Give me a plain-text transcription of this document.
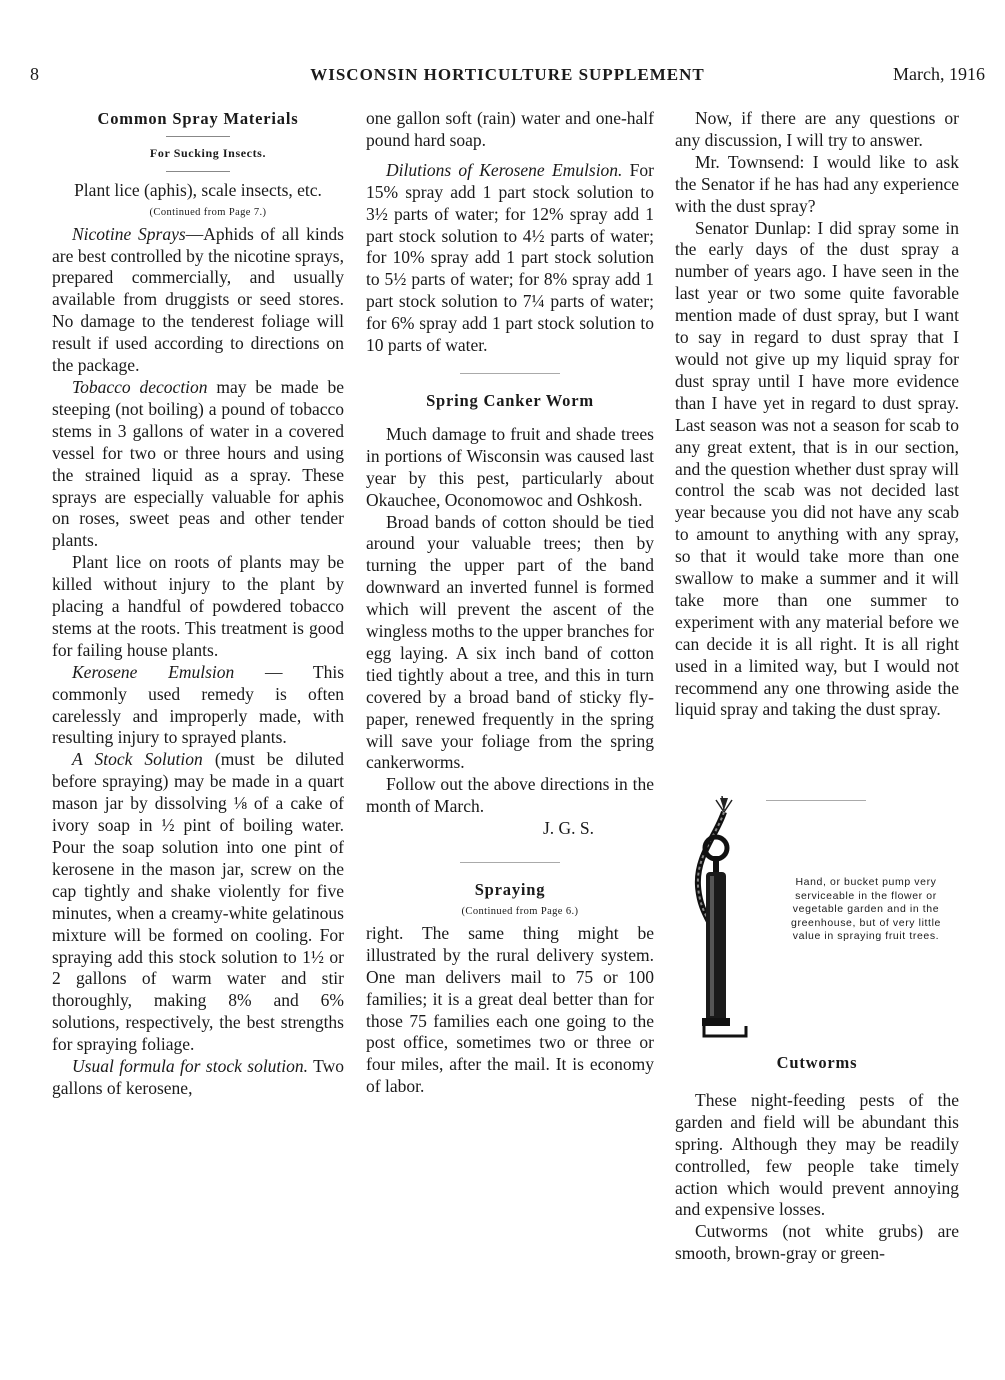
8	WISCONSIN HORTICULTURE SUPPLEMENT	March, 1916

Common Spray Materials

For Sucking Insects.

Plant lice (aphis), scale insects, etc.

(Continued from Page 7.)

Nicotine Sprays—Aphids of all kinds are best controlled by the nicotine sprays, prepared commercially, and usually available from druggists or seed stores. No damage to the tenderest foliage will result if used according to directions on the package.

Tobacco decoction may be made be steeping (not boiling) a pound of tobacco stems in 3 gallons of water in a covered vessel for two or three hours and using the strained liquid as a spray. These sprays are especially valuable for aphis on roses, sweet peas and other tender plants.

Plant lice on roots of plants may be killed without injury to the plant by placing a handful of powdered tobacco stems at the roots. This treatment is good for failing house plants.

Kerosene Emulsion — This commonly used remedy is often carelessly and improperly made, with resulting injury to sprayed plants.

A Stock Solution (must be diluted before spraying) may be made in a quart mason jar by dissolving ⅛ of a cake of ivory soap in ½ pint of boiling water. Pour the soap solution into one pint of kerosene in the mason jar, screw on the cap tightly and shake violently for five minutes, when a creamy-white gelatinous mixture will be formed on cooling. For spraying add this stock solution to 1½ or 2 gallons of warm water and stir thoroughly, making 8% and 6% solutions, respectively, the best strengths for spraying foliage.

Usual formula for stock solution. Two gallons of kerosene,

one gallon soft (rain) water and one-half pound hard soap.

Dilutions of Kerosene Emulsion. For 15% spray add 1 part stock solution to 3½ parts of water; for 12% spray add 1 part stock solution to 4½ parts of water; for 10% spray add 1 part stock solution to 5½ parts of water; for 8% spray add 1 part stock solution to 7¼ parts of water; for 6% spray add 1 part stock solution to 10 parts of water.

Spring Canker Worm

Much damage to fruit and shade trees in portions of Wisconsin was caused last year by this pest, particularly about Okauchee, Oconomowoc and Oshkosh.

Broad bands of cotton should be tied around your valuable trees; then by turning the upper part of the band downward an inverted funnel is formed which will prevent the ascent of the wingless moths to the upper branches for egg laying. A six inch band of cotton tied tightly about a tree, and this in turn covered by a broad band of sticky fly-paper, renewed frequently in the spring will save your foliage from the spring cankerworms.

Follow out the above directions in the month of March.

J. G. S.

Spraying

(Continued from Page 6.)

right. The same thing might be illustrated by the rural delivery system. One man delivers mail to 75 or 100 families; it is a great deal better than for those 75 families each one going to the post office, sometimes two or three or four miles, after the mail. It is economy of labor.

Now, if there are any questions or any discussion, I will try to answer.

Mr. Townsend: I would like to ask the Senator if he has had any experience with the dust spray?

Senator Dunlap: I did spray some in the early days of the dust spray a number of years ago. I have seen in the last year or two some quite favorable mention made of dust spray, but I want to say in regard to dust spray that I would not give up my liquid spray for dust spray until I have more evidence than I have yet in regard to dust spray. Last season was not a season for scab to any great extent, that is in our section, and the question whether dust spray will control the scab was not decided last year because you did not have any scab to amount to anything with any spray, so that it would take more than one swallow to make a summer and it will take more than one summer to experiment with any material before we can decide it is all right. It is all right used in a limited way, but I would not recommend any one throwing aside the liquid spray and taking the dust spray.

Hand, or bucket pump very serviceable in the flower or vegetable garden and in the greenhouse, but of very little value in spraying fruit trees.

Cutworms

These night-feeding pests of the garden and field will be abundant this spring. Although they may be readily controlled, few people take timely action which would prevent annoying and expensive losses.

Cutworms (not white grubs) are smooth, brown-gray or green-
